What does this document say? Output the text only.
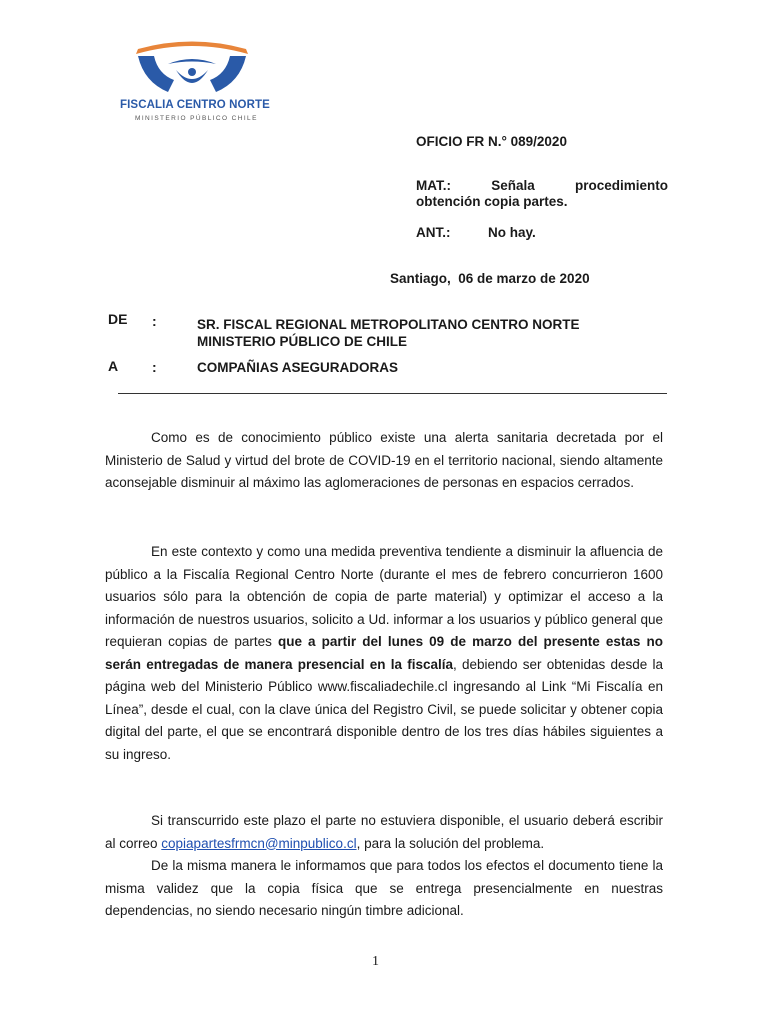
FISCALIA CENTRO NORTE
MINISTERIO PÚBLICO CHILE
OFICIO FR N.° 089/2020
MAT.:	Señala	procedimiento
obtención copia partes.
ANT.:	No hay.
Santiago,  06 de marzo de 2020
DE :	SR. FISCAL REGIONAL METROPOLITANO CENTRO NORTE
MINISTERIO PÚBLICO DE CHILE
A :	COMPAÑIAS ASEGURADORAS
Como es de conocimiento público existe una alerta sanitaria decretada por el Ministerio de Salud y virtud del brote de COVID-19 en el territorio nacional, siendo altamente aconsejable disminuir al máximo las aglomeraciones de personas en espacios cerrados.
En este contexto y como una medida preventiva tendiente a disminuir la afluencia de público a la Fiscalía Regional Centro Norte (durante el mes de febrero concurrieron 1600 usuarios sólo para la obtención de copia de parte material) y optimizar el acceso a la información de nuestros usuarios, solicito a Ud. informar a los usuarios y público general que requieran copias de partes que a partir del lunes 09 de marzo del presente estas no serán entregadas de manera presencial en la fiscalía, debiendo ser obtenidas desde la página web del Ministerio Público www.fiscaliadechile.cl ingresando al Link “Mi Fiscalía en Línea”, desde el cual, con la clave única del Registro Civil, se puede solicitar y obtener copia digital del parte, el que se encontrará disponible dentro de los tres días hábiles siguientes a su ingreso.
Si transcurrido este plazo el parte no estuviera disponible, el usuario deberá escribir al correo copiapartesfrmcn@minpublico.cl, para la solución del problema.
De la misma manera le informamos que para todos los efectos el documento tiene la misma validez que la copia física que se entrega presencialmente en nuestras dependencias, no siendo necesario ningún timbre adicional.
1
